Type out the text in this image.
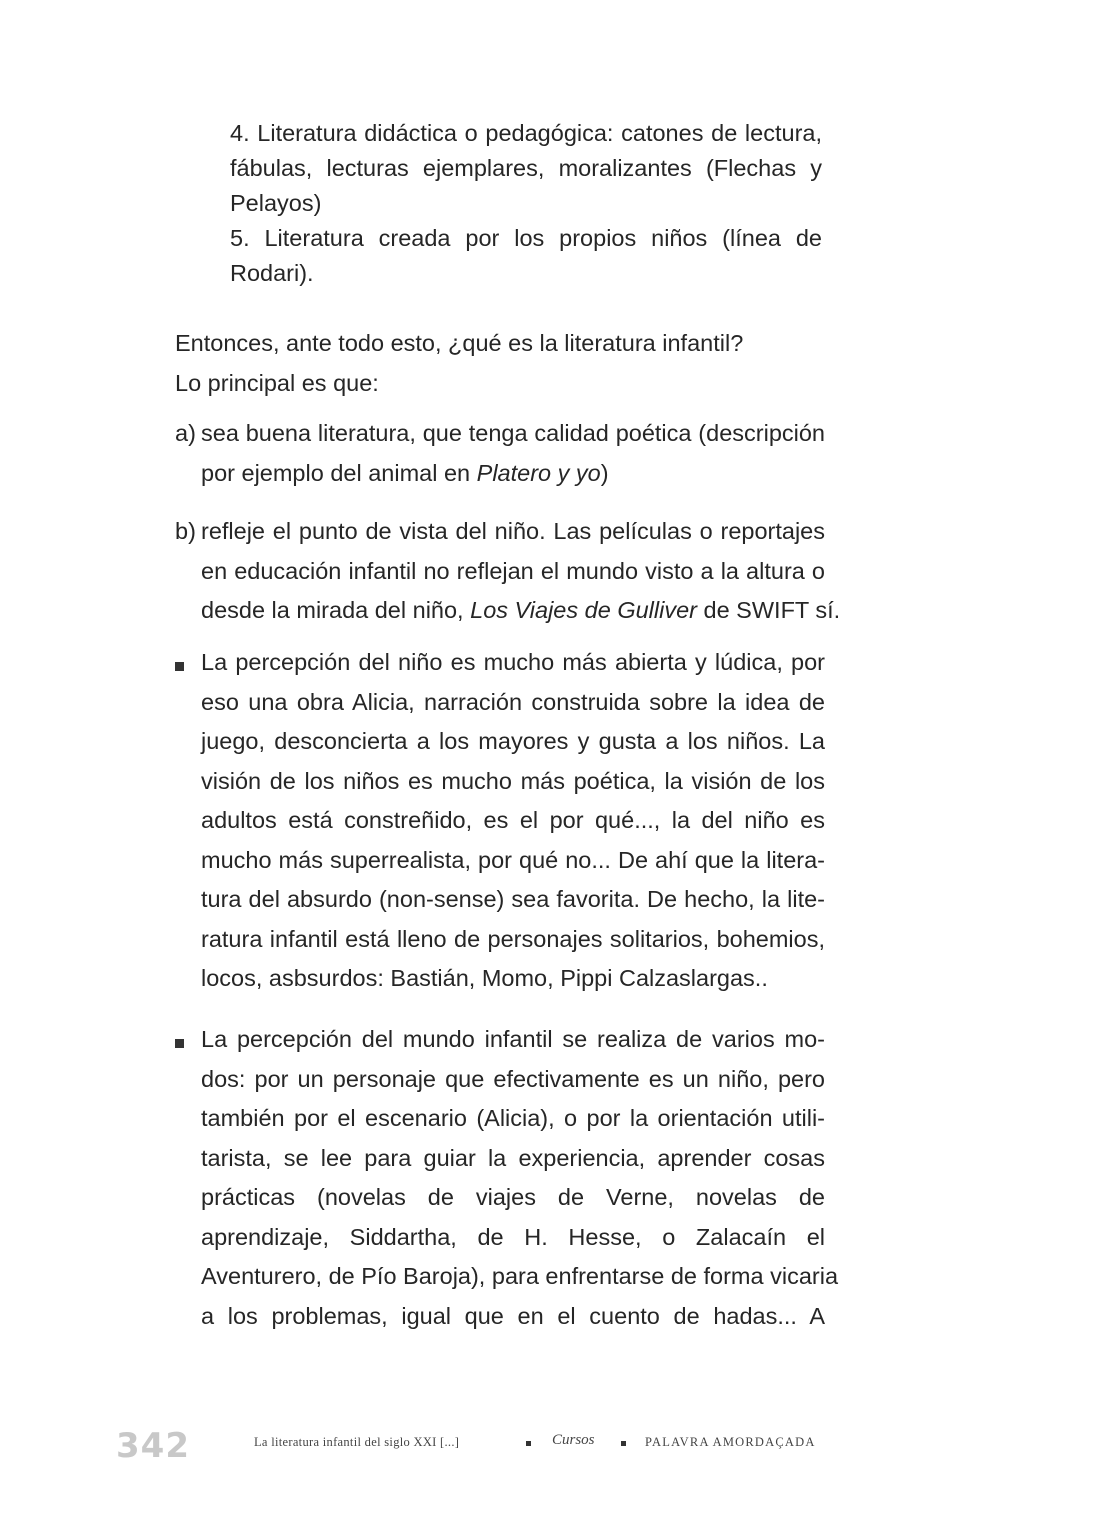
4. Literatura didáctica o pedagógica: catones de lectura,
fábulas, lecturas ejemplares, moralizantes (Flechas y
Pelayos)
5. Literatura creada por los propios niños (línea de
Rodari).

Entonces, ante todo esto, ¿qué es la literatura infantil?

Lo principal es que:

a) sea buena literatura, que tenga calidad poética (descripción
por ejemplo del animal en Platero y yo)
b) refleje el punto de vista del niño. Las películas o reportajes
en educación infantil no reflejan el mundo visto a la altura o
desde la mirada del niño, Los Viajes de Gulliver de SWIFT sí.
La percepción del niño es mucho más abierta y lúdica, por
eso una obra Alicia, narración construida sobre la idea de
juego, desconcierta a los mayores y gusta a los niños. La
visión de los niños es mucho más poética, la visión de los
adultos está constreñido, es el por qué..., la del niño es
mucho más superrealista, por qué no... De ahí que la litera-
tura del absurdo (non-sense) sea favorita. De hecho, la lite-
ratura infantil está lleno de personajes solitarios, bohemios,
locos, asbsurdos: Bastián, Momo, Pippi Calzaslargas..
La percepción del mundo infantil se realiza de varios mo-
dos: por un personaje que efectivamente es un niño, pero
también por el escenario (Alicia), o por la orientación utili-
tarista, se lee para guiar la experiencia, aprender cosas
prácticas (novelas de viajes de Verne, novelas de
aprendizaje, Siddartha, de H. Hesse, o Zalacaín el
Aventurero, de Pío Baroja), para enfrentarse de forma vicaria
a los problemas, igual que en el cuento de hadas... A
342	La literatura infantil del siglo XXI [...]	Cursos	PALAVRA AMORDAÇADA
